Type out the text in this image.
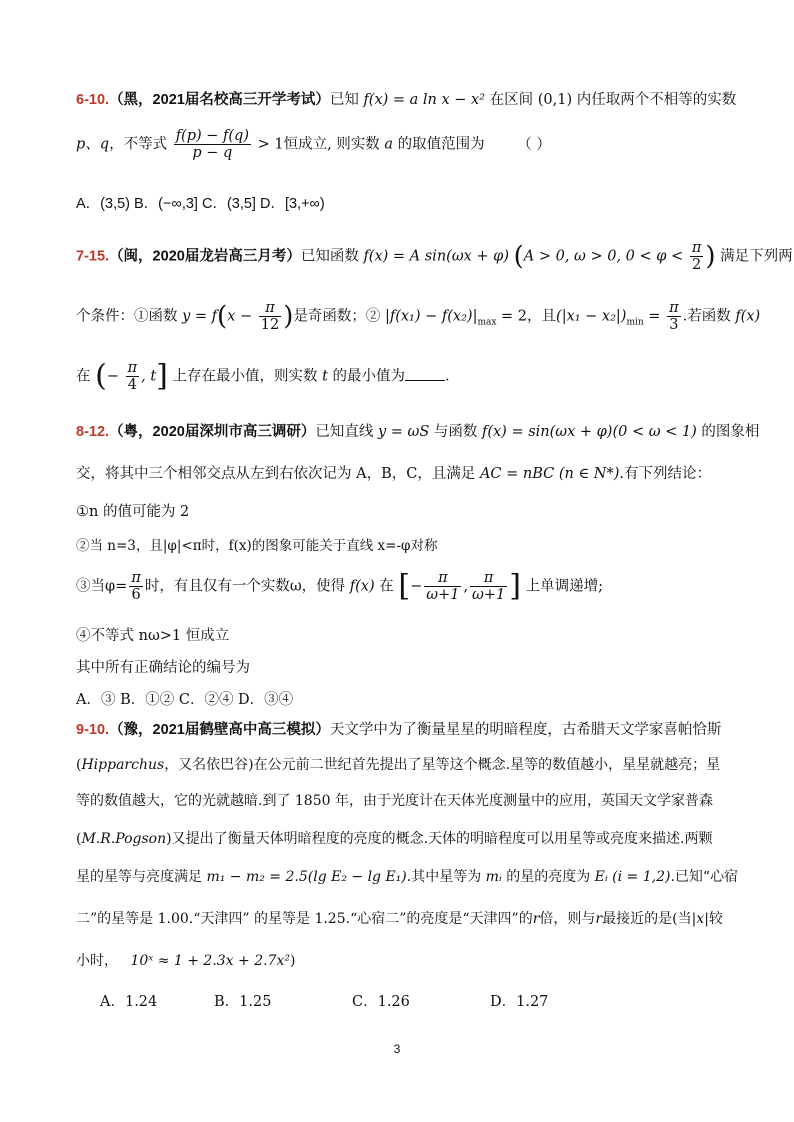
6-10.（黑，2021届名校高三开学考试）已知 f(x) = a ln x − x² 在区间 (0,1) 内任取两个不相等的实数
p、q，不等式 $\frac{f(p) - f(q)}{p - q} > 1$恒成立, 则实数 a 的取值范围为 （ ）
A．(3,5) B．(−∞,3] C．(3,5] D．[3,+∞)
7-15.（闽，2020届龙岩高三月考）已知函数 f(x) = A sin(ωx + φ) (A > 0, ω > 0, $0 < \varphi < \frac{\pi}{2}$ ) 满足下列两
个条件：①函数 $y = f(x - \frac{\pi}{12}$ )是奇函数；② $|f(x_1) - f(x_2)|_{max} = 2$，且$(|x_1 - x_2|)_{min} = \frac{\pi}{3}$ .若函数 f(x)
在 (− $\frac{\pi}{4}$ , t] 上存在最小值，则实数 t 的最小值为	.
8-12.（粤，2020届深圳市高三调研）已知直线 y = ωS 与函数 f(x) = sin(ωx + φ)(0 < ω < 1) 的图象相
交，将其中三个相邻交点从左到右依次记为 A，B，C，且满足 AC = nBC (n ∈ N*).有下列结论：
①n 的值可能为 2
②当 n=3，且|φ|<π时，f(x)的图象可能关于直线 x=-φ对称
③当$\varphi= \frac{\pi}{6}$ 时，有且仅有一个实数ω，使得 f(x) 在 [− $\frac{\pi}{\omega+1}$ , $\frac{\pi}{\omega+1}$ ] 上单调递增;
④不等式 nω>1 恒成立
其中所有正确结论的编号为
A．③ B．①② C．②④ D．③④
9-10.（豫，2021届鹤壁高中高三模拟）天文学中为了衡量星星的明暗程度，古希腊天文学家喜帕恰斯
(Hipparchus，又名依巴谷)在公元前二世纪首先提出了星等这个概念.星等的数值越小，星星就越亮；星
等的数值越大，它的光就越暗.到了 1850 年，由于光度计在天体光度测量中的应用，英国天文学家普森
(M.R.Pogson)又提出了衡量天体明暗程度的亮度的概念.天体的明暗程度可以用星等或亮度来描述.两颗
星的星等与亮度满足 m₁ − m₂ = 2.5(lg E₂ − lg E₁).其中星等为 mᵢ 的星的亮度为 Eᵢ (i = 1,2).已知“心宿
二”的星等是 1.00.“天津四” 的星等是 1.25.“心宿二”的亮度是“天津四”的r倍，则与r最接近的是(当|x|较
小时， 10ˣ ≈ 1 + 2.3x + 2.7x²)
A．1.24	B．1.25	C．1.26	D．1.27
3
